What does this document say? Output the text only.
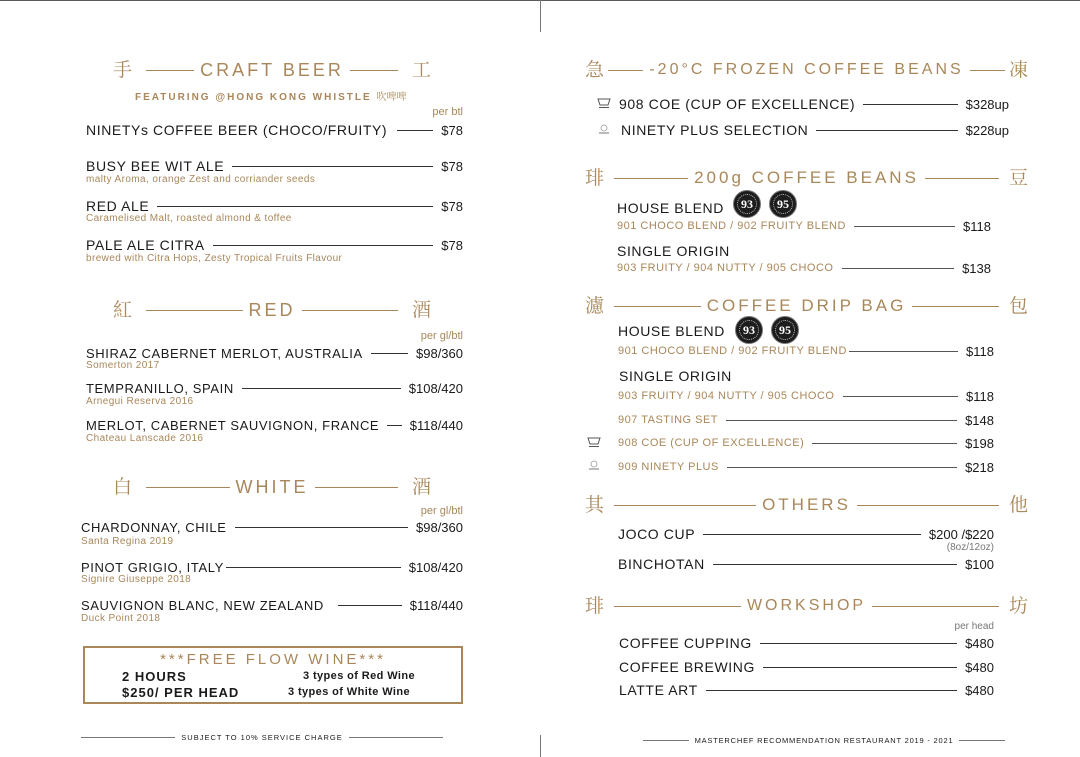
手	CRAFT BEER	工
FEATURING @HONG KONG WHISTLE 吹啤啤
per btl
NINETYs COFFEE BEER (CHOCO/FRUITY)	$78
BUSY BEE WIT ALE	$78
malty Aroma, orange Zest and corriander seeds
RED ALE	$78
Caramelised Malt, roasted almond & toffee
PALE ALE CITRA	$78
brewed with Citra Hops, Zesty Tropical Fruits Flavour
紅	RED	酒
per gl/btl
SHIRAZ CABERNET MERLOT, AUSTRALIA	$98/360
Somerton 2017
TEMPRANILLO, SPAIN	$108/420
Arnegui Reserva 2016
MERLOT, CABERNET SAUVIGNON, FRANCE $118/440
Chateau Lanscade 2016
白	WHITE	酒
per gl/btl
CHARDONNAY, CHILE	$98/360
Santa Regina 2019
PINOT GRIGIO, ITALY	$108/420
Signire Giuseppe 2018
SAUVIGNON BLANC, NEW ZEALAND	$118/440
Duck Point 2018
***FREE FLOW WINE***
2 HOURS
$250/ PER HEAD
3 types of Red Wine
3 types of White Wine
SUBJECT TO 10% SERVICE CHARGE
急	-20°C FROZEN COFFEE BEANS 凍
908 COE (CUP OF EXCELLENCE)	$328up
NINETY PLUS SELECTION	$228up
琲	200g COFFEE BEANS	豆
HOUSE BLEND	93	95
901 CHOCO BLEND / 902 FRUITY BLEND	$118
SINGLE ORIGIN
903 FRUITY / 904 NUTTY / 905 CHOCO	$138
濾	COFFEE DRIP BAG	包
HOUSE BLEND	93	95
901 CHOCO BLEND / 902 FRUITY BLEND	$118
SINGLE ORIGIN
903 FRUITY / 904 NUTTY / 905 CHOCO	$118
907 TASTING SET	$148
908 COE (CUP OF EXCELLENCE)	$198
909 NINETY PLUS	$218
其	OTHERS	他
JOCO CUP	$200 /$220
(8oz/12oz)
BINCHOTAN	$100
琲	WORKSHOP	坊
per head
COFFEE CUPPING	$480
COFFEE BREWING	$480
LATTE ART	$480
MASTERCHEF RECOMMENDATION RESTAURANT 2019 - 2021
